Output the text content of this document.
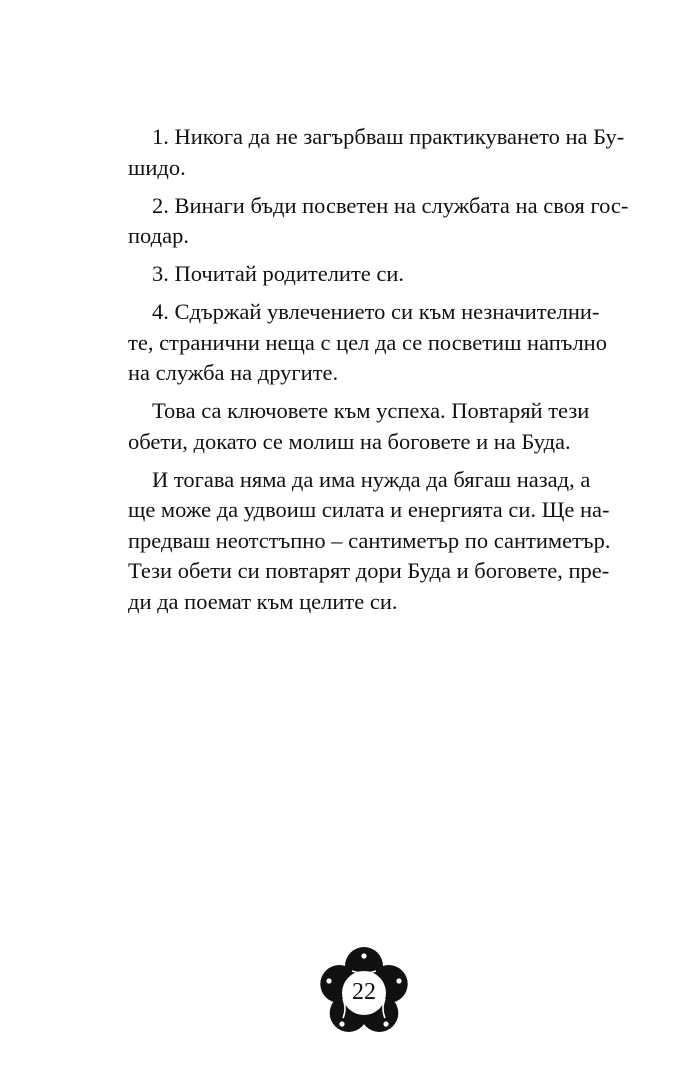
1. Никога да не загърбваш практикуването на Бу-
шидо.
2. Винаги бъди посветен на службата на своя гос-
подар.
3. Почитай родителите си.
4. Сдържай увлечението си към незначителни-
те, странични неща с цел да се посветиш напълно
на служба на другите.
Това са ключовете към успеха. Повтаряй тези
обети, докато се молиш на боговете и на Буда.
И тогава няма да има нужда да бягаш назад, а
ще може да удвоиш силата и енергията си. Ще на-
предваш неотстъпно – сантиметър по сантиметър.
Тези обети си повтарят дори Буда и боговете, пре-
ди да поемат към целите си.
22
